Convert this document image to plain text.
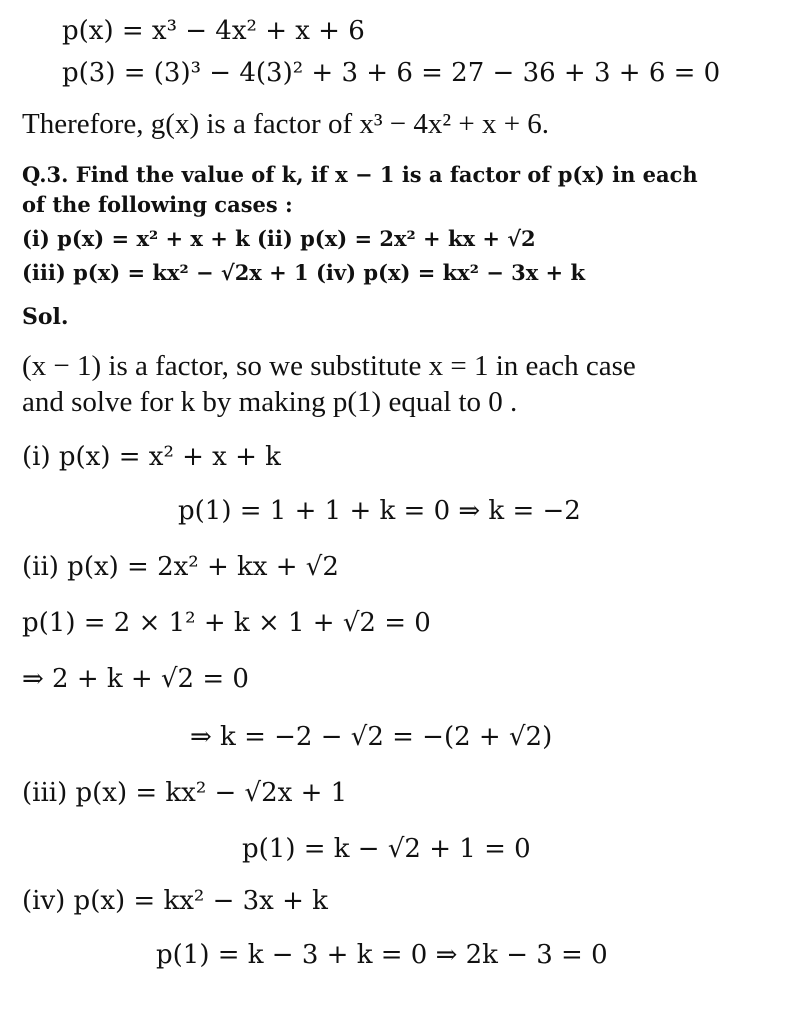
p(x) = x³ − 4x² + x + 6
p(3) = (3)³ − 4(3)² + 3 + 6 = 27 − 36 + 3 + 6 = 0
Therefore, g(x) is a factor of x³ − 4x² + x + 6.
Q.3. Find the value of k, if x − 1 is a factor of p(x) in each
of the following cases :
(i) p(x) = x² + x + k (ii) p(x) = 2x² + kx + √2
(iii) p(x) = kx² − √2x + 1 (iv) p(x) = kx² − 3x + k
Sol.
(x − 1) is a factor, so we substitute x = 1 in each case
and solve for k by making p(1) equal to 0 .
(i) p(x) = x² + x + k
p(1) = 1 + 1 + k = 0 ⇒ k = −2
(ii) p(x) = 2x² + kx + √2
p(1) = 2 × 1² + k × 1 + √2 = 0
⇒ 2 + k + √2 = 0
⇒ k = −2 − √2 = −(2 + √2)
(iii) p(x) = kx² − √2x + 1
p(1) = k − √2 + 1 = 0
(iv) p(x) = kx² − 3x + k
p(1) = k − 3 + k = 0 ⇒ 2k − 3 = 0
